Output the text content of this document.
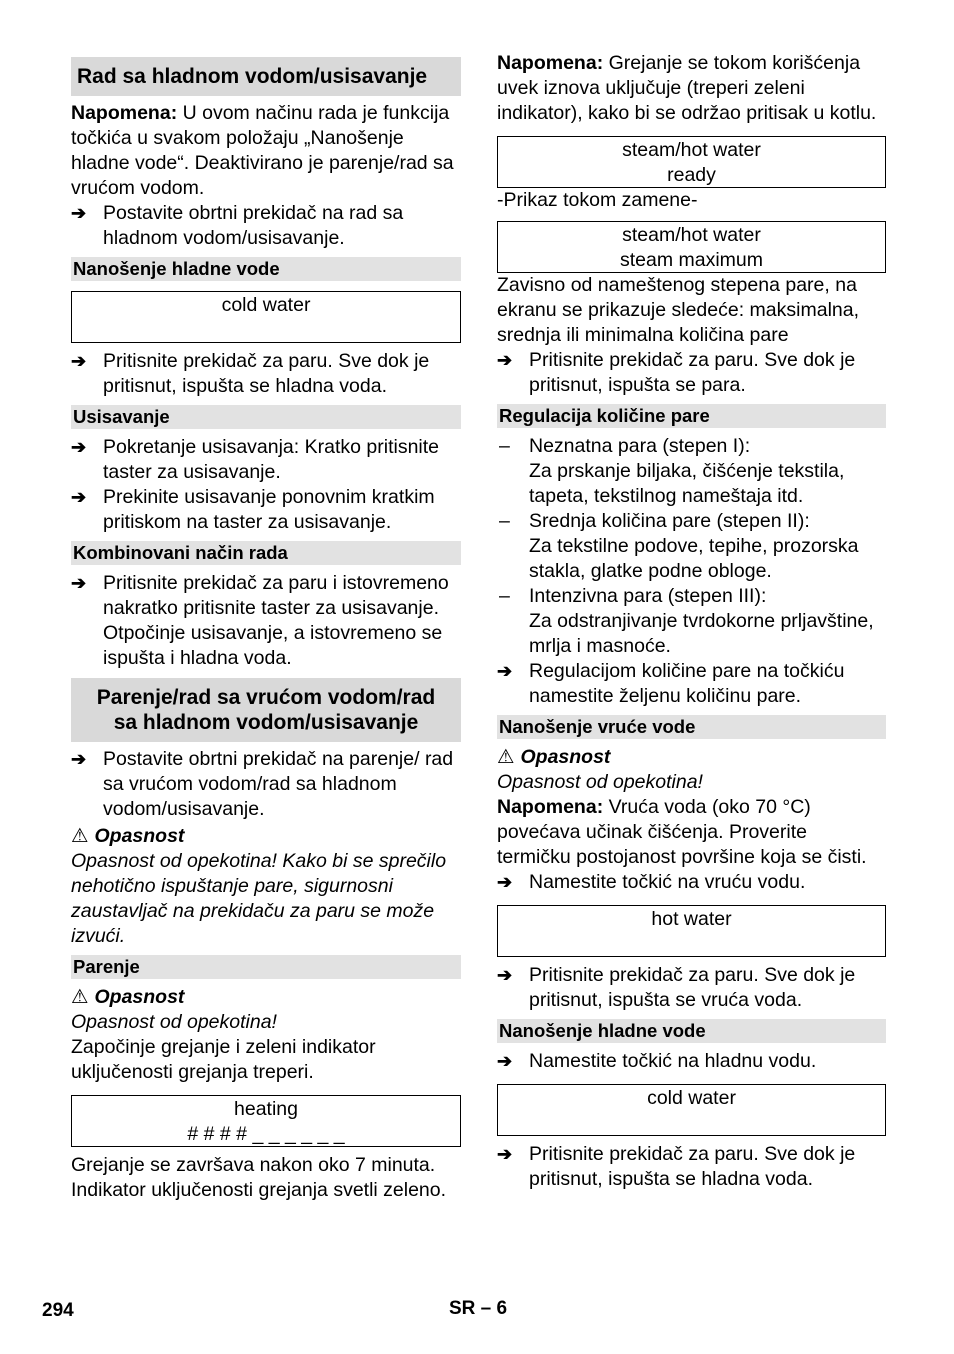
Rad sa hladnom vodom/usisavanje

Napomena: U ovom načinu rada je funkcija točkića u svakom položaju „Nanošenje hladne vode“. Deaktivirano je parenje/rad sa vrućom vodom.

➔ Postavite obrtni prekidač na rad sa hladnom vodom/usisavanje.
Nanošenje hladne vode
cold water
➔ Pritisnite prekidač za paru. Sve dok je pritisnut, ispušta se hladna voda.
Usisavanje
➔ Pokretanje usisavanja: Kratko pritisnite taster za usisavanje.
➔ Prekinite usisavanje ponovnim kratkim pritiskom na taster za usisavanje.
Kombinovani način rada
➔ Pritisnite prekidač za paru i istovremeno nakratko pritisnite taster za usisavanje. Otpočinje usisavanje, a istovremeno se ispušta i hladna voda.
Parenje/rad sa vrućom vodom/rad
sa hladnom vodom/usisavanje
➔ Postavite obrtni prekidač na parenje/ rad sa vrućom vodom/rad sa hladnom vodom/usisavanje.
⚠ Opasnost

Opasnost od opekotina! Kako bi se sprečilo nehotično ispuštanje pare, sigurnosni zaustavljač na prekidaču za paru se može izvući.

Parenje
⚠ Opasnost

Opasnost od opekotina!

Započinje grejanje i zeleni indikator uključenosti grejanja treperi.

heating
# # # # _ _ _ _ _ _

Grejanje se završava nakon oko 7 minuta. Indikator uključenosti grejanja svetli zeleno.

Napomena: Grejanje se tokom korišćenja uvek iznova uključuje (treperi zeleni indikator), kako bi se održao pritisak u kotlu.

steam/hot water
ready

-Prikaz tokom zamene-

steam/hot water
steam maximum

Zavisno od nameštenog stepena pare, na ekranu se prikazuje sledeće: maksimalna, srednja ili minimalna količina pare

➔ Pritisnite prekidač za paru. Sve dok je pritisnut, ispušta se para.
Regulacija količine pare
– Neznatna para (stepen I):
Za prskanje biljaka, čišćenje tekstila, tapeta, tekstilnog nameštaja itd.
– Srednja količina pare (stepen II):
Za tekstilne podove, tepihe, prozorska stakla, glatke podne obloge.
– Intenzivna para (stepen III):
Za odstranjivanje tvrdokorne prljavštine, mrlja i masnoće.
➔ Regulacijom količine pare na točkiću namestite željenu količinu pare.
Nanošenje vruće vode
⚠ Opasnost

Opasnost od opekotina!

Napomena: Vruća voda (oko 70 °C) povećava učinak čišćenja. Proverite termičku postojanost površine koja se čisti.

➔ Namestite točkić na vruću vodu.
hot water
➔ Pritisnite prekidač za paru. Sve dok je pritisnut, ispušta se vruća voda.
Nanošenje hladne vode
➔ Namestite točkić na hladnu vodu.
cold water
➔ Pritisnite prekidač za paru. Sve dok je pritisnut, ispušta se hladna voda.
294	SR – 6
